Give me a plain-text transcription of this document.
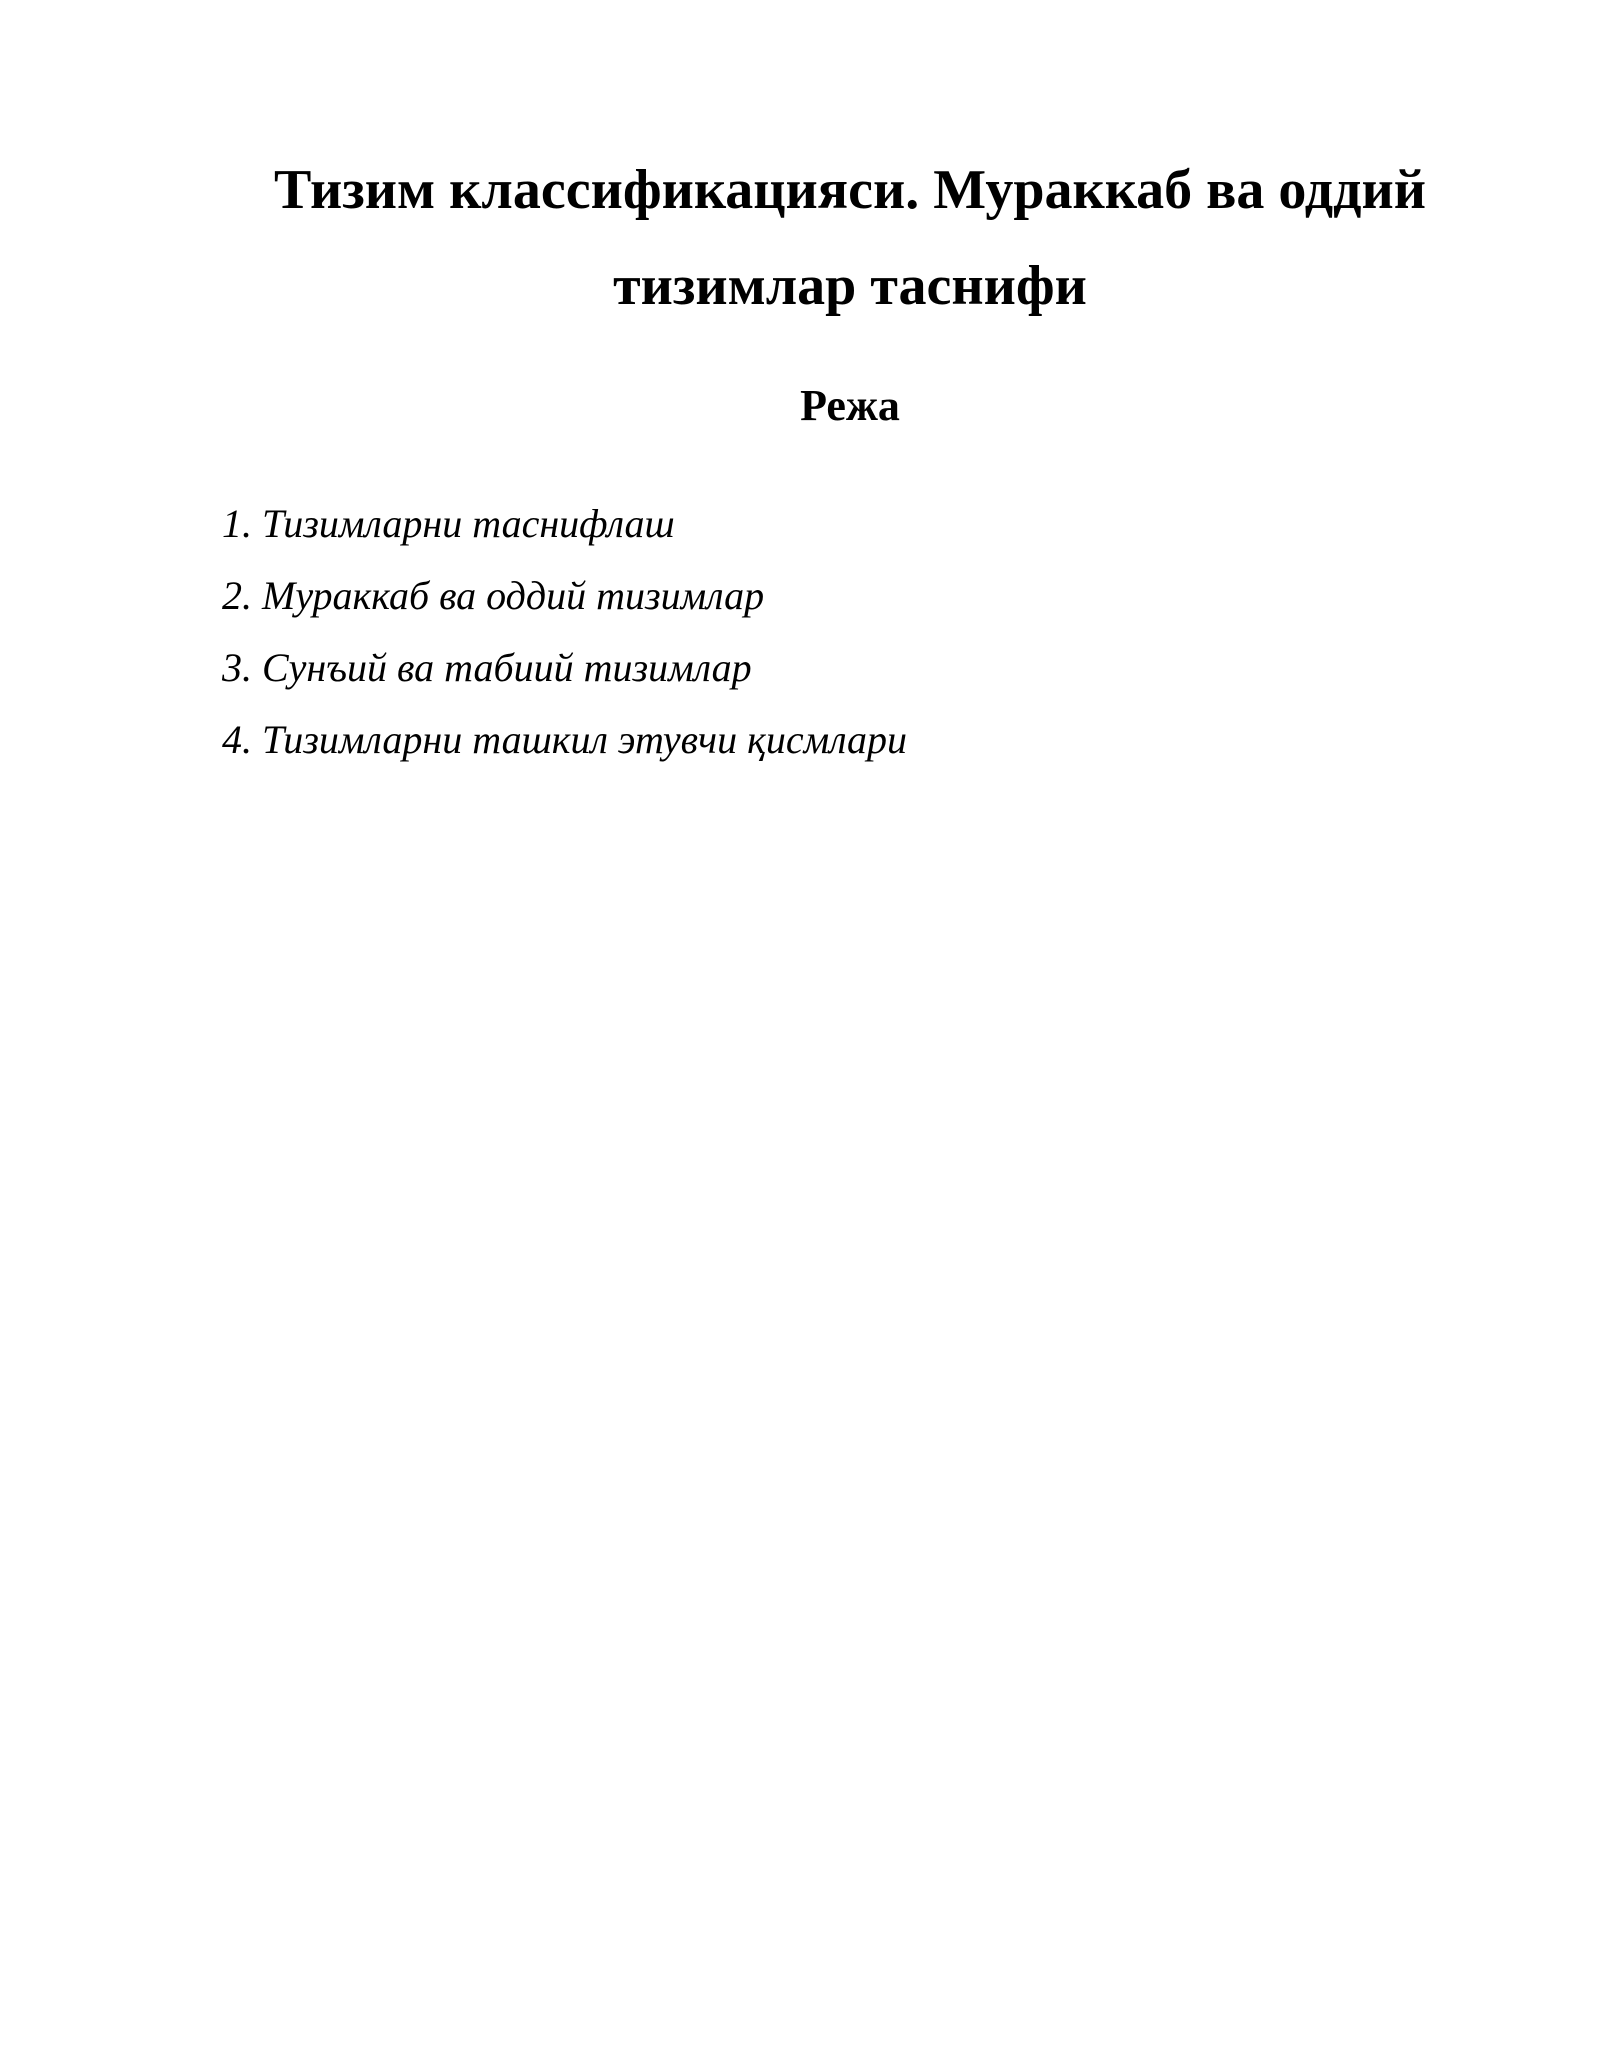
Тизим классификацияси. Мураккаб ва оддий
тизимлар таснифи
Режа
1. Тизимларни таснифлаш
2. Мураккаб ва оддий тизимлар
3. Сунъий ва табиий тизимлар
4. Тизимларни ташкил этувчи қисмлари
